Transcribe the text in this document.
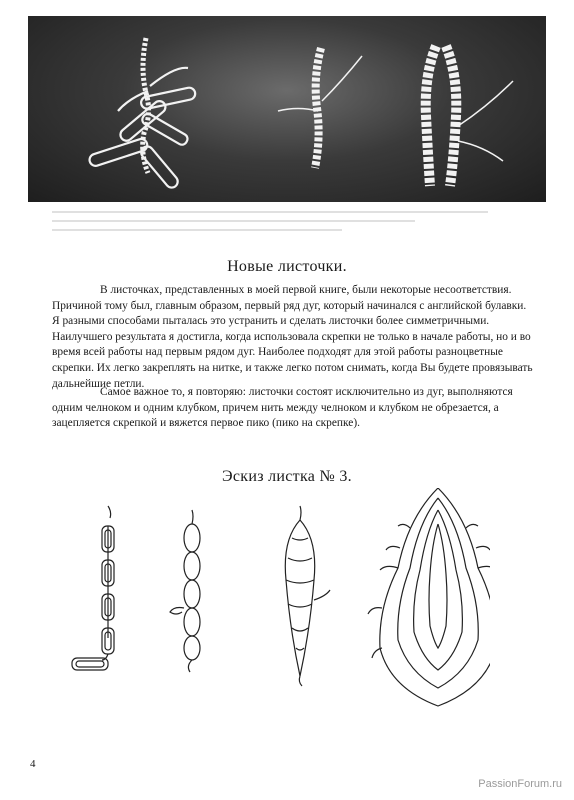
Новые листочки.

В листочках, представленных в моей первой книге, были некоторые несоответствия. Причиной тому был, главным образом, первый ряд дуг, который начинался с английской булавки. Я разными способами пыталась это устранить и сделать листочки более симметричными. Наилучшего результата я достигла, когда использовала скрепки не только в начале работы, но и во время всей работы над первым рядом дуг. Наиболее подходят для этой работы разноцветные скрепки. Их легко закреплять на нитке, и также легко потом снимать, когда Вы будете провязывать дальнейшие петли.

Самое важное то, я повторяю: листочки состоят исключительно из дуг, выполняются одним челноком и одним клубком, причем нить между челноком и клубком не обрезается, а зацепляется скрепкой и вяжется первое пико (пико на скрепке).

Эскиз листка № 3.
4
PassionForum.ru
